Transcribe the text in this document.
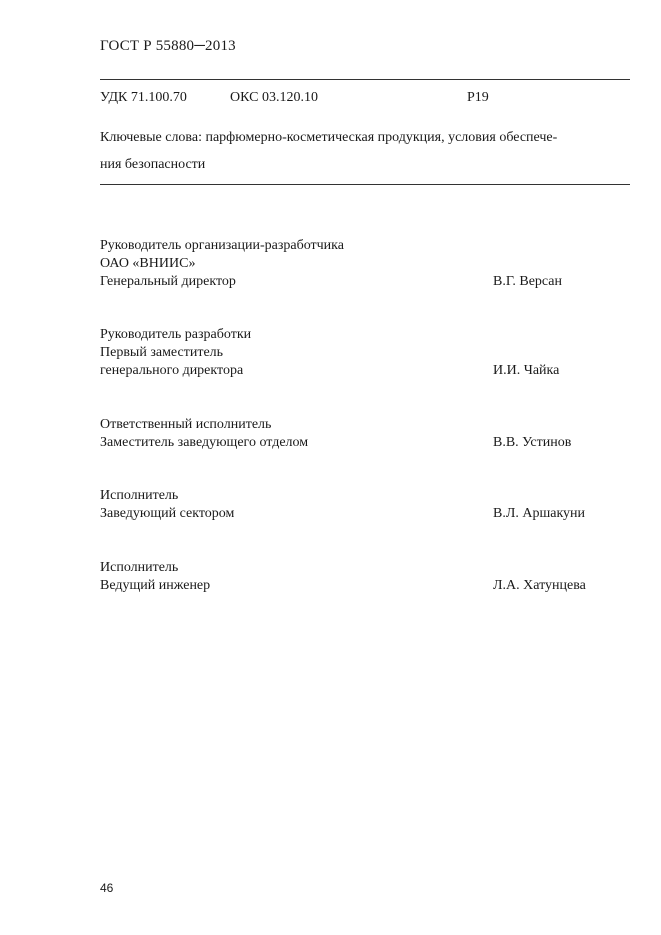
ГОСТ Р 55880─2013
УДК 71.100.70	ОКС 03.120.10	Р19
Ключевые слова: парфюмерно-косметическая продукция, условия обеспече-
ния безопасности
Руководитель организации-разработчика
ОАО «ВНИИС»
Генеральный директор	В.Г. Версан
Руководитель разработки
Первый заместитель
генерального директора	И.И. Чайка
Ответственный исполнитель
Заместитель заведующего отделом	В.В. Устинов
Исполнитель
Заведующий сектором	В.Л. Аршакуни
Исполнитель
Ведущий инженер	Л.А. Хатунцева
46
